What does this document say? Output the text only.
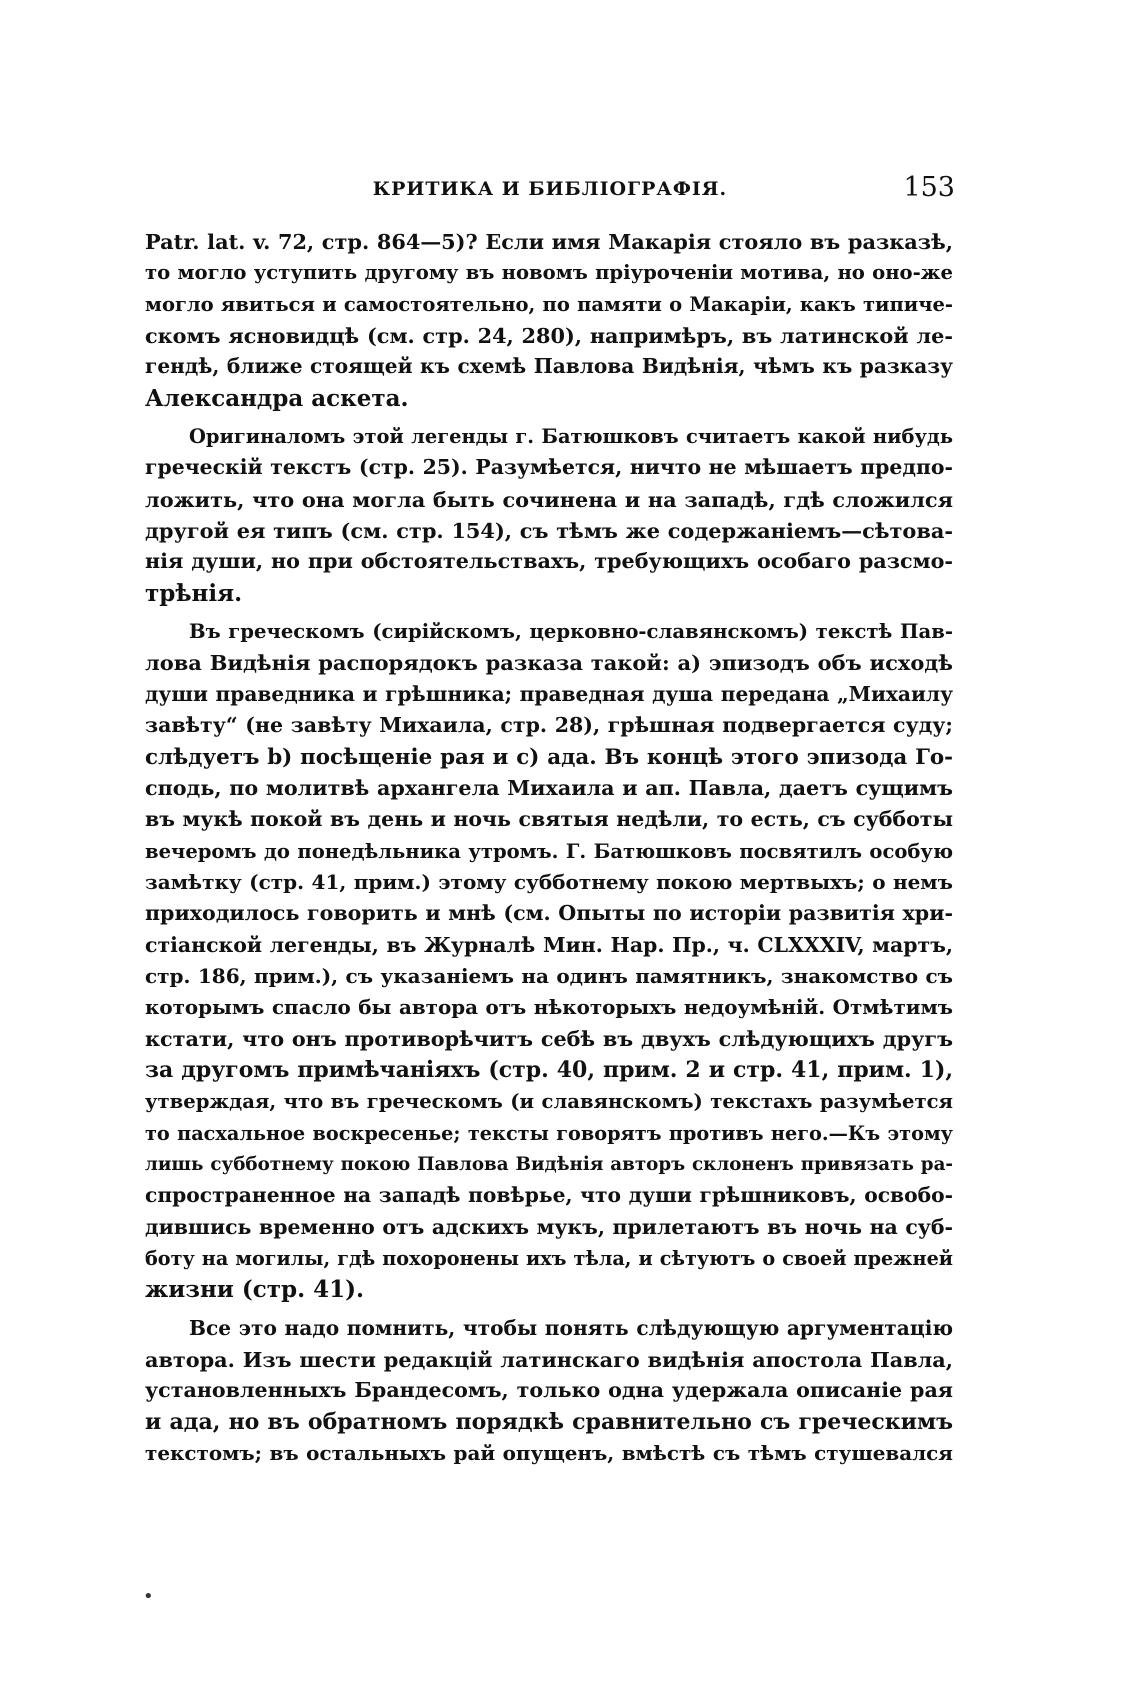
КРИТИКА И БИБЛІОГРАФІЯ.	153
Patr. lat. v. 72, стр. 864—5)? Если имя Макарія стояло въ разказѣ,
то могло уступить другому въ новомъ пріуроченіи мотива, но оно-же
могло явиться и самостоятельно, по памяти о Макаріи, какъ типиче-
скомъ ясновидцѣ (см. стр. 24, 280), напримѣръ, въ латинской ле-
гендѣ, ближе стоящей къ схемѣ Павлова Видѣнія, чѣмъ къ разказу
Александра аскета.
Оригиналомъ этой легенды г. Батюшковъ считаетъ какой нибудь
греческій текстъ (стр. 25). Разумѣется, ничто не мѣшаетъ предпо-
ложить, что она могла быть сочинена и на западѣ, гдѣ сложился
другой ея типъ (см. стр. 154), съ тѣмъ же содержаніемъ—сѣтова-
нія души, но при обстоятельствахъ, требующихъ особаго разсмо-
трѣнія.
Въ греческомъ (сирійскомъ, церковно-славянскомъ) текстѣ Пав-
лова Видѣнія распорядокъ разказа такой: a) эпизодъ объ исходѣ
души праведника и грѣшника; праведная душа передана „Михаилу
завѣту“ (не завѣту Михаила, стр. 28), грѣшная подвергается суду;
слѣдуетъ b) посѣщеніе рая и c) ада. Въ концѣ этого эпизода Го-
сподь, по молитвѣ архангела Михаила и ап. Павла, даетъ сущимъ
въ мукѣ покой въ день и ночь святыя недѣли, то есть, съ субботы
вечеромъ до понедѣльника утромъ. Г. Батюшковъ посвятилъ особую
замѣтку (стр. 41, прим.) этому субботнему покою мертвыхъ; о немъ
приходилось говорить и мнѣ (см. Опыты по исторіи развитія хри-
стіанской легенды, въ Журналѣ Мин. Нар. Пр., ч. CLXXXIV, мартъ,
стр. 186, прим.), съ указаніемъ на одинъ памятникъ, знакомство съ
которымъ спасло бы автора отъ нѣкоторыхъ недоумѣній. Отмѣтимъ
кстати, что онъ противорѣчитъ себѣ въ двухъ слѣдующихъ другъ
за другомъ примѣчаніяхъ (стр. 40, прим. 2 и стр. 41, прим. 1),
утверждая, что въ греческомъ (и славянскомъ) текстахъ разумѣется
то пасхальное воскресенье; тексты говорятъ противъ него.—Къ этому
лишь субботнему покою Павлова Видѣнія авторъ склоненъ привязать ра-
спространенное на западѣ повѣрье, что души грѣшниковъ, освобо-
дившись временно отъ адскихъ мукъ, прилетаютъ въ ночь на суб-
боту на могилы, гдѣ похоронены ихъ тѣла, и сѣтуютъ о своей прежней
жизни (стр. 41).
Все это надо помнить, чтобы понять слѣдующую аргументацію
автора. Изъ шести редакцій латинскаго видѣнія апостола Павла,
установленныхъ Брандесомъ, только одна удержала описаніе рая
и ада, но въ обратномъ порядкѣ сравнительно съ греческимъ
текстомъ; въ остальныхъ рай опущенъ, вмѣстѣ съ тѣмъ стушевался
•
